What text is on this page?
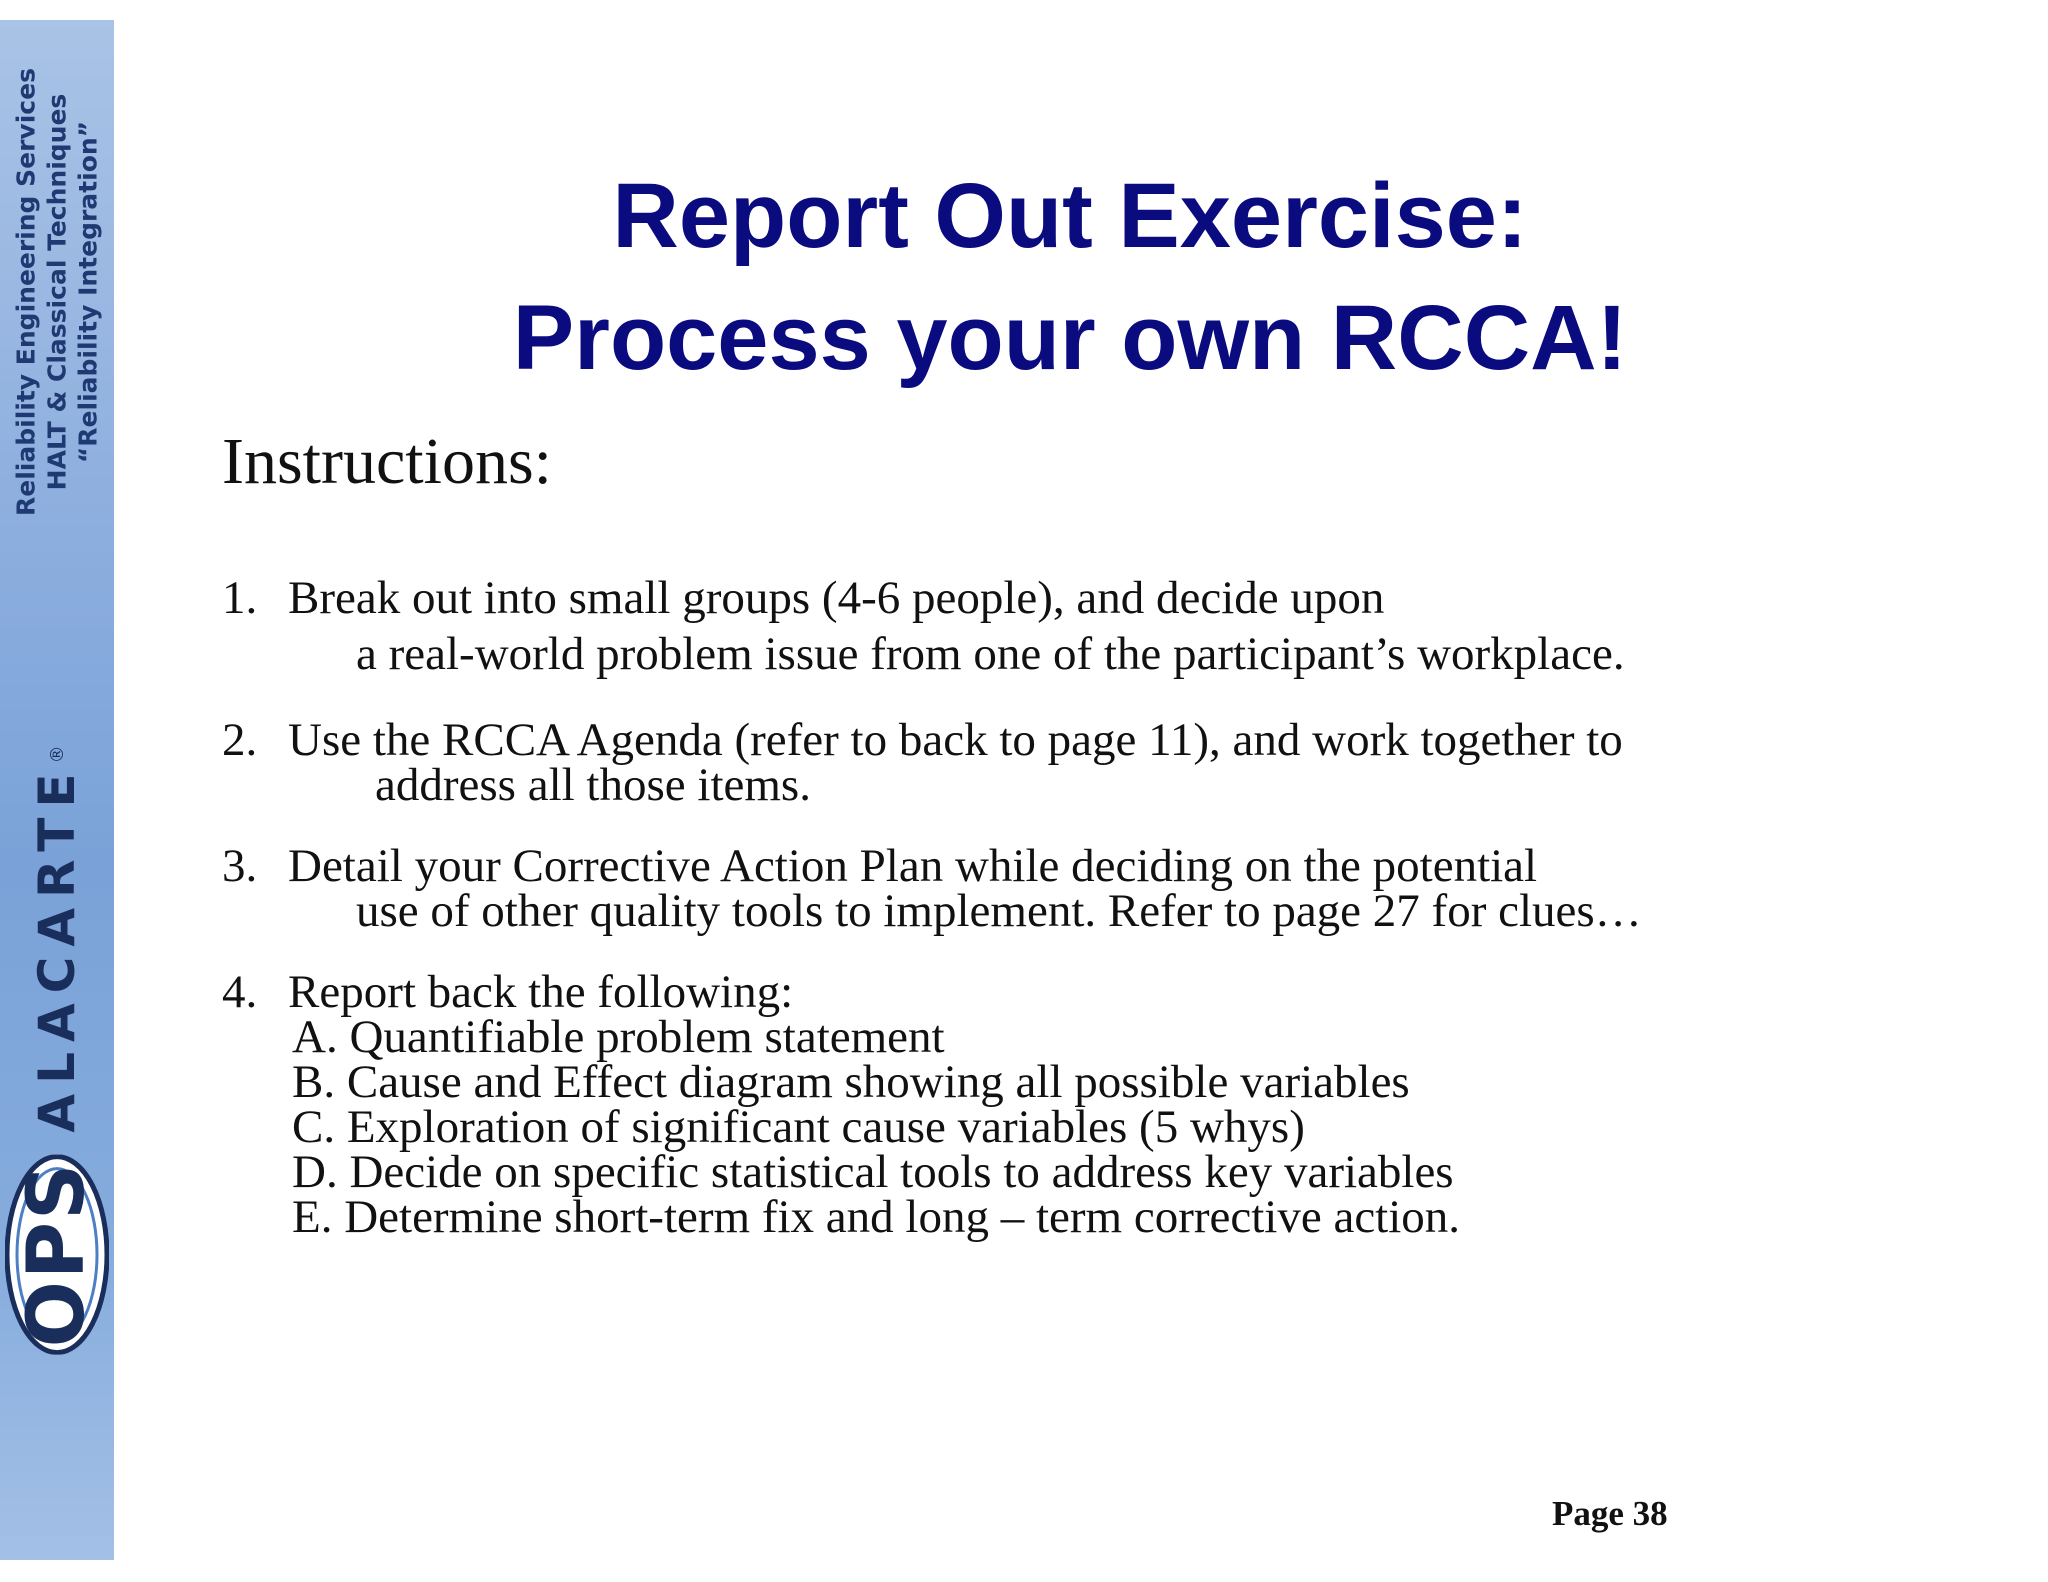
Reliability Engineering Services HALT & Classical Techniques “Reliability Integration”
OPS
ALACARTE
®
Report Out Exercise:
Process your own RCCA!
Instructions:
1. Break out into small groups (4-6 people), and decide upon
a real-world problem issue from one of the participant’s workplace.
2. Use the RCCA Agenda (refer to back to page 11), and work together to
address all those items.
3. Detail your Corrective Action Plan while deciding on the potential
use of other quality tools to implement. Refer to page 27 for clues…
4. Report back the following:
A. Quantifiable problem statement
B. Cause and Effect diagram showing all possible variables
C. Exploration of significant cause variables (5 whys)
D. Decide on specific statistical tools to address key variables
E. Determine short-term fix and long – term corrective action.
Page 38
